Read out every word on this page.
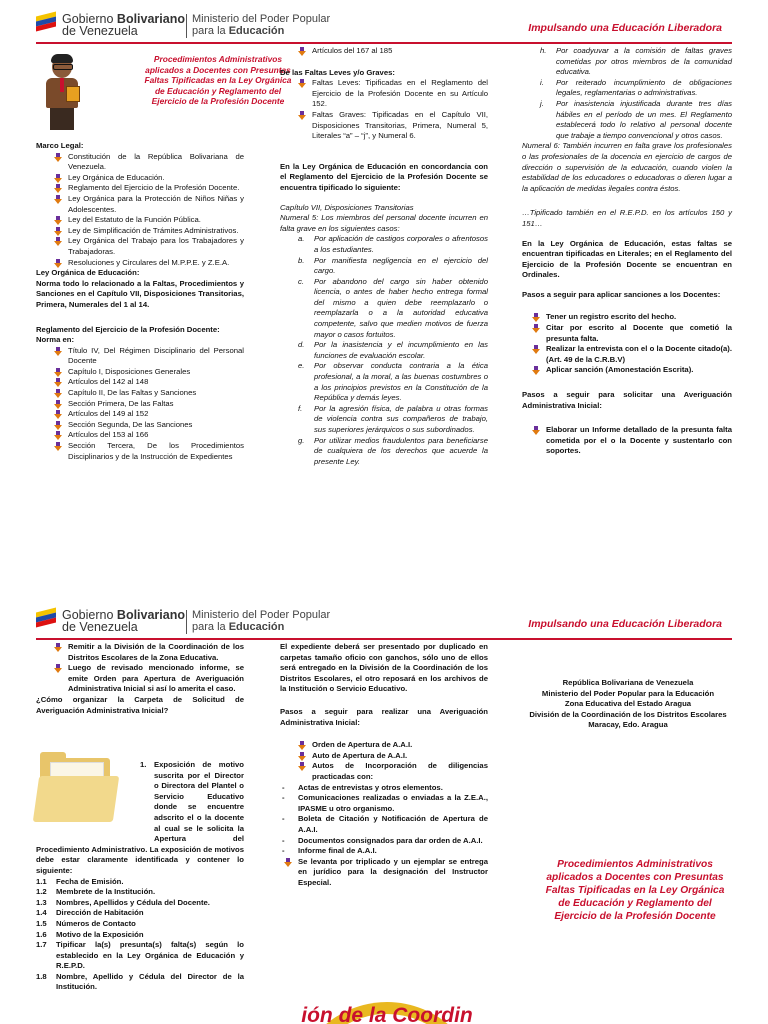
Gobierno Bolivariano
de Venezuela
Ministerio del Poder Popular
para la Educación	Impulsando una Educación Liberadora
Procedimientos Administrativos aplicados a Docentes con Presuntas Faltas Tipificadas en la Ley Orgánica de Educación y Reglamento del Ejercicio de la Profesión Docente
Marco Legal:
Constitución de la República Bolivariana de Venezuela.
Ley Orgánica de Educación.
Reglamento del Ejercicio de la Profesión Docente.
Ley Orgánica para la Protección de Niños Niñas y Adolescentes.
Ley del Estatuto de la Función Pública.
Ley de Simplificación de Trámites Administrativos.
Ley Orgánica del Trabajo para los Trabajadores y Trabajadoras.
Resoluciones y Circulares del M.P.P.E. y Z.E.A.
Ley Orgánica de Educación:

Norma todo lo relacionado a la Faltas, Procedimientos y Sanciones en el Capítulo VII, Disposiciones Transitorias, Primera, Numerales del 1 al 14.

Reglamento del Ejercicio de la Profesión Docente:
Norma en:
Título IV, Del Régimen Disciplinario del Personal Docente
Capítulo I, Disposiciones Generales
Artículos del 142 al 148
Capítulo II, De las Faltas y Sanciones
Sección Primera, De las Faltas
Artículos del 149 al 152
Sección Segunda, De las Sanciones
Artículos del 153 al 166
Sección Tercera, De los Procedimientos Disciplinarios y de la Instrucción de Expedientes
Artículos del 167 al 185
De las Faltas Leves y/o Graves:
Faltas Leves: Tipificadas en el Reglamento del Ejercicio de la Profesión Docente en su Artículo 152.
Faltas Graves: Tipificadas en el Capítulo VII, Disposiciones Transitorias, Primera, Numeral 5, Literales “a” – “j”, y Numeral 6.

En la Ley Orgánica de Educación en concordancia con el Reglamento del Ejercicio de la Profesión Docente se encuentra tipificado lo siguiente:

Capítulo VII, Disposiciones Transitorias
Numeral 5: Los miembros del personal docente incurren en falta grave en los siguientes casos:
a. Por aplicación de castigos corporales o afrentosos a los estudiantes.
b. Por manifiesta negligencia en el ejercicio del cargo.
c. Por abandono del cargo sin haber obtenido licencia, o antes de haber hecho entrega formal del mismo a quien debe reemplazarlo o reemplazarla o a la autoridad educativa competente, salvo que medien motivos de fuerza mayor o casos fortuitos.
d. Por la inasistencia y el incumplimiento en las funciones de evaluación escolar.
e. Por observar conducta contraria a la ética profesional, a la moral, a las buenas costumbres o a los principios previstos en la Constitución de la República y demás leyes.
f. Por la agresión física, de palabra u otras formas de violencia contra sus compañeros de trabajo, sus superiores jerárquicos o sus subordinados.
g. Por utilizar medios fraudulentos para beneficiarse de cualquiera de los derechos que acuerde la presente Ley.
h. Por coadyuvar a la comisión de faltas graves cometidas por otros miembros de la comunidad educativa.
i. Por reiterado incumplimiento de obligaciones legales, reglamentarias o administrativas.
j. Por inasistencia injustificada durante tres días hábiles en el período de un mes. El Reglamento establecerá todo lo relativo al personal docente que trabaje a tiempo convencional y otros casos.

Numeral 6: También incurren en falta grave los profesionales o las profesionales de la docencia en ejercicio de cargos de dirección o supervisión de la educación, cuando violen la estabilidad de los educadores o educadoras o dieren lugar a la aplicación de medidas ilegales contra éstos.

…Tipificado también en el R.E.P.D. en los artículos 150 y 151…

En la Ley Orgánica de Educación, estas faltas se encuentran tipificadas en Literales; en el Reglamento del Ejercicio de la Profesión Docente se encuentran en Ordinales.

Pasos a seguir para aplicar sanciones a los Docentes:

Tener un registro escrito del hecho.
Citar por escrito al Docente que cometió la presunta falta.
Realizar la entrevista con el o la Docente citado(a). (Art. 49 de la C.R.B.V)
Aplicar sanción (Amonestación Escrita).

Pasos a seguir para solicitar una Averiguación Administrativa Inicial:

Elaborar un Informe detallado de la presunta falta cometida por el o la Docente y sustentarlo con soportes.
Gobierno Bolivariano
de Venezuela
Ministerio del Poder Popular
para la Educación	Impulsando una Educación Liberadora
Remitir a la División de la Coordinación de los Distritos Escolares de la Zona Educativa.
Luego de revisado mencionado informe, se emite Orden para Apertura de Averiguación Administrativa Inicial si así lo amerita el caso.

¿Cómo organizar la Carpeta de Solicitud de Averiguación Administrativa Inicial?

1. Exposición de motivo suscrita por el Director o Directora del Plantel o Servicio Educativo donde se encuentre adscrito el o la docente al cual se le solicita la Apertura del Procedimiento Administrativo. La exposición de motivos debe estar claramente identificada y contener lo siguiente:
1.1 Fecha de Emisión.
1.2 Membrete de la Institución.
1.3 Nombres, Apellidos y Cédula del Docente.
1.4 Dirección de Habitación
1.5 Números de Contacto
1.6 Motivo de la Exposición
1.7 Tipificar la(s) presunta(s) falta(s) según lo establecido en la Ley Orgánica de Educación y R.E.P.D.
1.8 Nombre, Apellido y Cédula del Director de la Institución.

El expediente deberá ser presentado por duplicado en carpetas tamaño oficio con ganchos, sólo uno de ellos será entregado en la División de la Coordinación de los Distritos Escolares, el otro reposará en los archivos de la Institución o Servicio Educativo.

Pasos a seguir para realizar una Averiguación Administrativa Inicial:

Orden de Apertura de A.A.I.
Auto de Apertura de A.A.I.
Autos de Incorporación de diligencias practicadas con:
- Actas de entrevistas y otros elementos.
- Comunicaciones realizadas o enviadas a la Z.E.A., IPASME u otro organismo.
- Boleta de Citación y Notificación de Apertura de A.A.I.
- Documentos consignados para dar orden de A.A.I.
- Informe final de A.A.I.
Se levanta por triplicado y un ejemplar se entrega en jurídico para la designación del Instructor Especial.
ión de la Coordin
República Bolivariana de Venezuela
Ministerio del Poder Popular para la Educación
Zona Educativa del Estado Aragua
División de la Coordinación de los Distritos Escolares
Maracay, Edo. Aragua
Procedimientos Administrativos aplicados a Docentes con Presuntas Faltas Tipificadas en la Ley Orgánica de Educación y Reglamento del Ejercicio de la Profesión Docente
